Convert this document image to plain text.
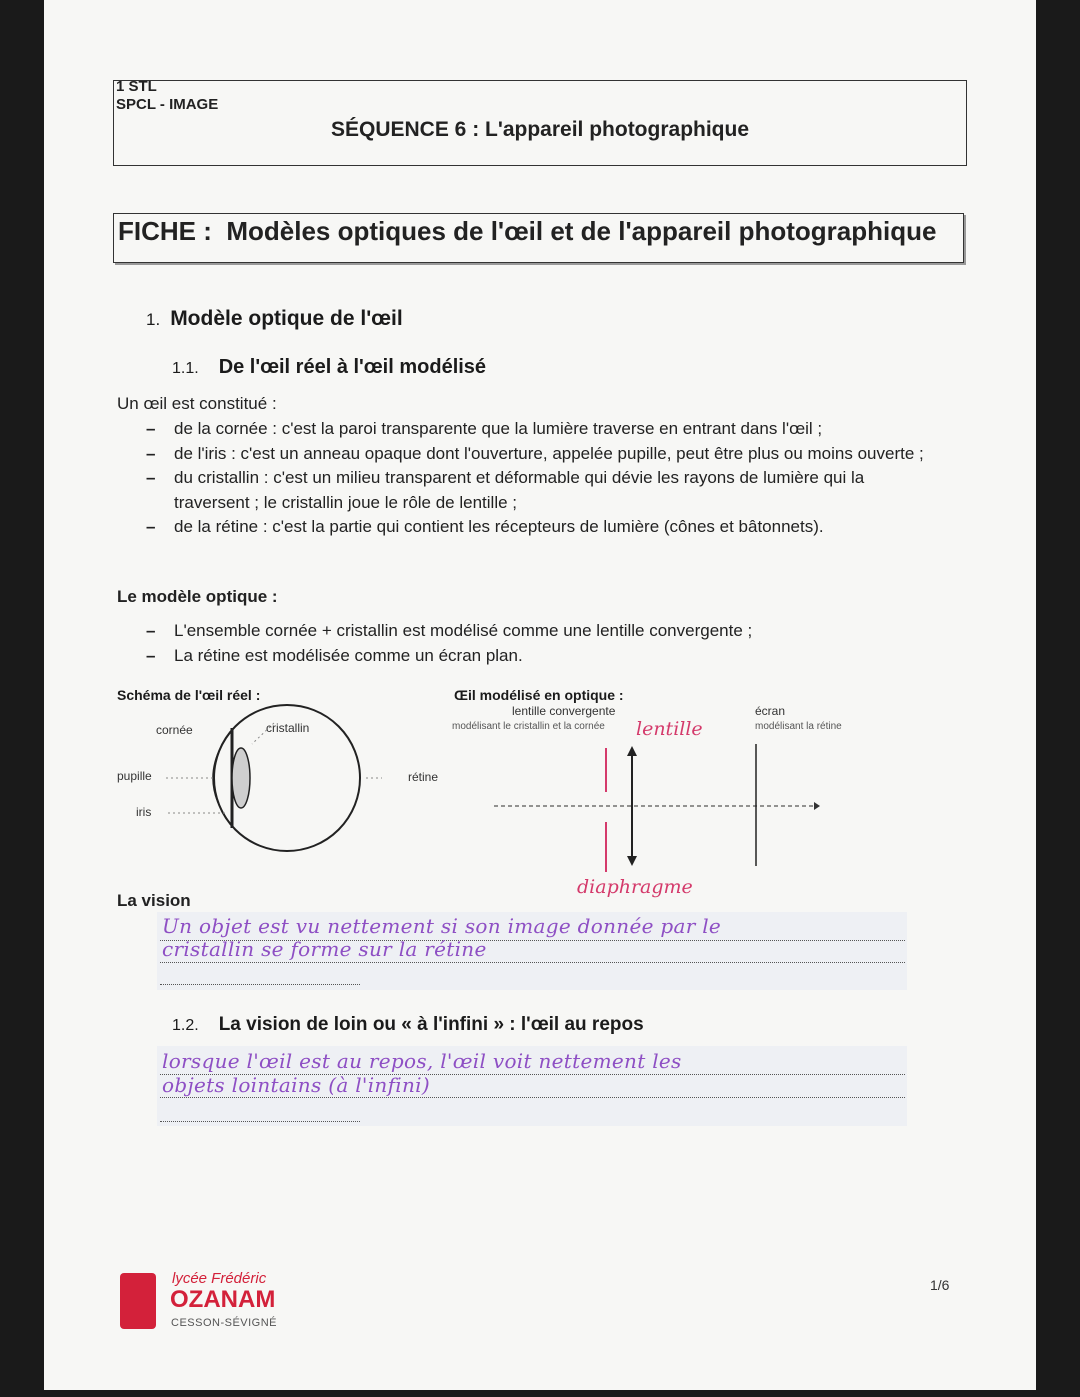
1 STL
SPCL - IMAGE
SÉQUENCE 6 : L'appareil photographique
FICHE : Modèles optiques de l'œil et de l'appareil photographique
1. Modèle optique de l'œil
1.1. De l'œil réel à l'œil modélisé
Un œil est constitué :
– de la cornée : c'est la paroi transparente que la lumière traverse en entrant dans l'œil ;
– de l'iris : c'est un anneau opaque dont l'ouverture, appelée pupille, peut être plus ou moins ouverte ;
– du cristallin : c'est un milieu transparent et déformable qui dévie les rayons de lumière qui la traversent ; le cristallin joue le rôle de lentille ;
– de la rétine : c'est la partie qui contient les récepteurs de lumière (cônes et bâtonnets).
Le modèle optique :
– L'ensemble cornée + cristallin est modélisé comme une lentille convergente ;
– La rétine est modélisée comme un écran plan.
Schéma de l'œil réel :
cornée	cristallin
pupille
iris
rétine
Œil modélisé en optique :
lentille convergente
modélisant le cristallin et la cornée
écran
modélisant la rétine
lentille
diaphragme
La vision
Un objet est vu nettement si son image donnée par le
cristallin se forme sur la rétine
1.2. La vision de loin ou « à l'infini » : l'œil au repos
lorsque l'œil est au repos, l'œil voit nettement les
objets lointains (à l'infini)
lycée Frédéric
OZANAM
CESSON-SÉVIGNÉ
1/6
